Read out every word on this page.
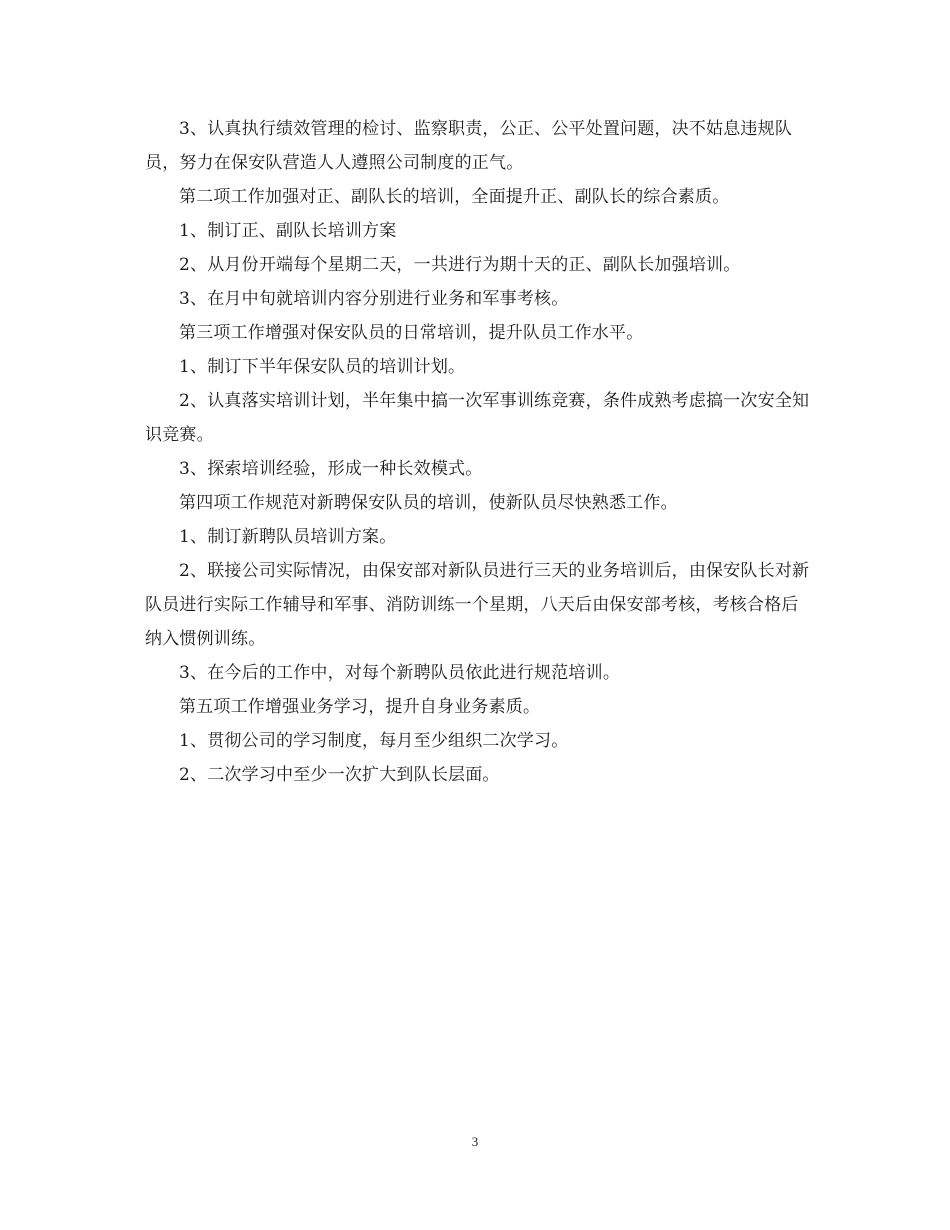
3、认真执行绩效管理的检讨、监察职责，公正、公平处置问题，决不姑息违规队员，努力在保安队营造人人遵照公司制度的正气。

第二项工作加强对正、副队长的培训，全面提升正、副队长的综合素质。

1、制订正、副队长培训方案

2、从月份开端每个星期二天，一共进行为期十天的正、副队长加强培训。

3、在月中旬就培训内容分别进行业务和军事考核。

第三项工作增强对保安队员的日常培训，提升队员工作水平。

1、制订下半年保安队员的培训计划。

2、认真落实培训计划，半年集中搞一次军事训练竞赛，条件成熟考虑搞一次安全知识竞赛。

3、探索培训经验，形成一种长效模式。

第四项工作规范对新聘保安队员的培训，使新队员尽快熟悉工作。

1、制订新聘队员培训方案。

2、联接公司实际情况，由保安部对新队员进行三天的业务培训后，由保安队长对新队员进行实际工作辅导和军事、消防训练一个星期，八天后由保安部考核，考核合格后纳入惯例训练。

3、在今后的工作中，对每个新聘队员依此进行规范培训。

第五项工作增强业务学习，提升自身业务素质。

1、贯彻公司的学习制度，每月至少组织二次学习。

2、二次学习中至少一次扩大到队长层面。

3
